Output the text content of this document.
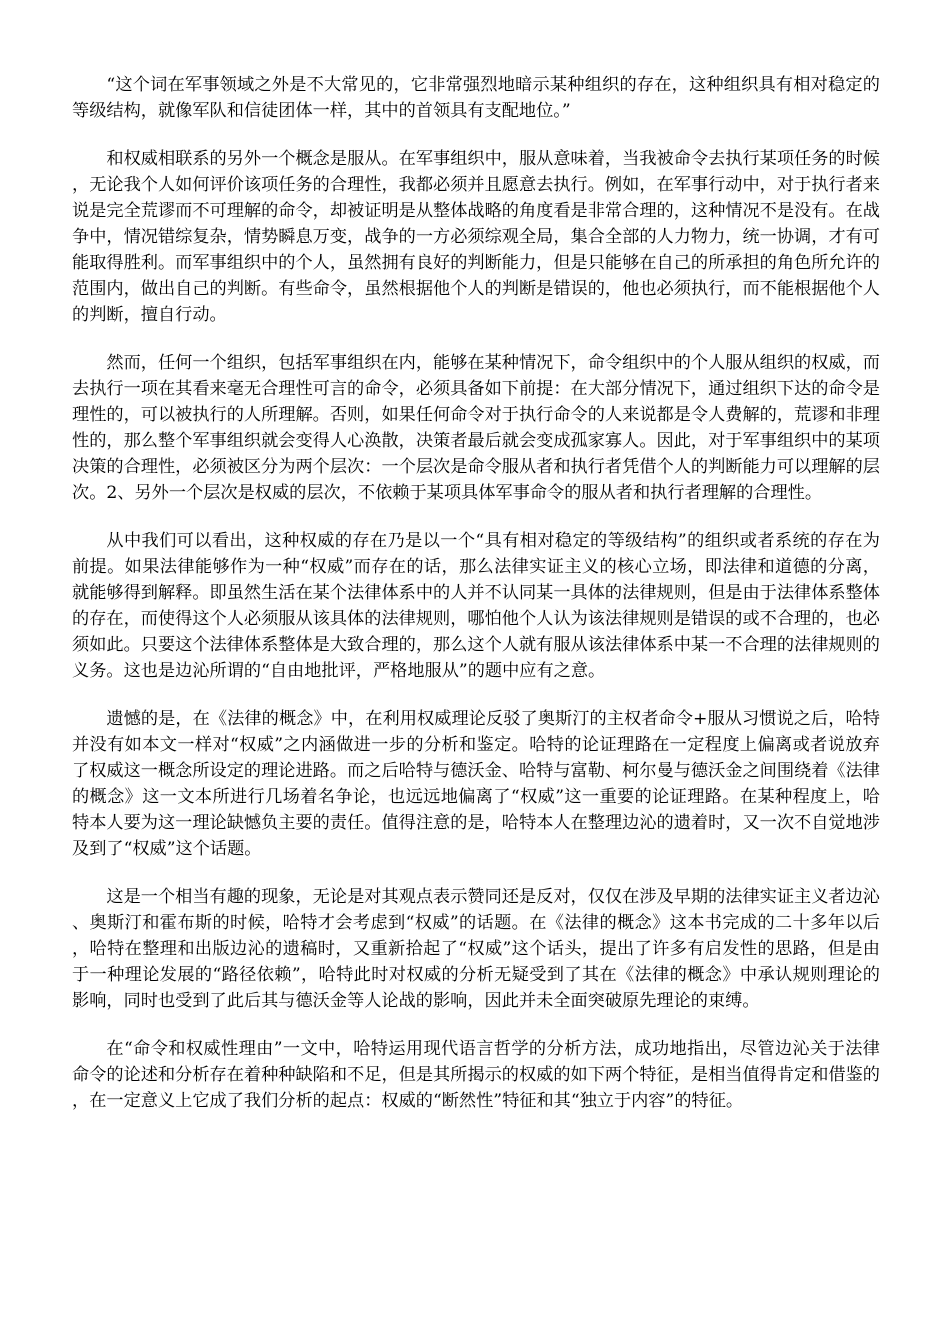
“这个词在军事领域之外是不大常见的，它非常强烈地暗示某种组织的存在，这种组织具有相对稳定的等级结构，就像军队和信徒团体一样，其中的首领具有支配地位。”

和权威相联系的另外一个概念是服从。在军事组织中，服从意味着，当我被命令去执行某项任务的时候，无论我个人如何评价该项任务的合理性，我都必须并且愿意去执行。例如，在军事行动中，对于执行者来说是完全荒谬而不可理解的命令，却被证明是从整体战略的角度看是非常合理的，这种情况不是没有。在战争中，情况错综复杂，情势瞬息万变，战争的一方必须综观全局，集合全部的人力物力，统一协调，才有可能取得胜利。而军事组织中的个人，虽然拥有良好的判断能力，但是只能够在自己的所承担的角色所允许的范围内，做出自己的判断。有些命令，虽然根据他个人的判断是错误的，他也必须执行，而不能根据他个人的判断，擅自行动。

然而，任何一个组织，包括军事组织在内，能够在某种情况下，命令组织中的个人服从组织的权威，而去执行一项在其看来毫无合理性可言的命令，必须具备如下前提：在大部分情况下，通过组织下达的命令是理性的，可以被执行的人所理解。否则，如果任何命令对于执行命令的人来说都是令人费解的，荒谬和非理性的，那么整个军事组织就会变得人心涣散，决策者最后就会变成孤家寡人。因此，对于军事组织中的某项决策的合理性，必须被区分为两个层次：一个层次是命令服从者和执行者凭借个人的判断能力可以理解的层次。2、另外一个层次是权威的层次，不依赖于某项具体军事命令的服从者和执行者理解的合理性。

从中我们可以看出，这种权威的存在乃是以一个“具有相对稳定的等级结构”的组织或者系统的存在为前提。如果法律能够作为一种“权威”而存在的话，那么法律实证主义的核心立场，即法律和道德的分离，就能够得到解释。即虽然生活在某个法律体系中的人并不认同某一具体的法律规则，但是由于法律体系整体的存在，而使得这个人必须服从该具体的法律规则，哪怕他个人认为该法律规则是错误的或不合理的，也必须如此。只要这个法律体系整体是大致合理的，那么这个人就有服从该法律体系中某一不合理的法律规则的义务。这也是边沁所谓的“自由地批评，严格地服从”的题中应有之意。

遗憾的是，在《法律的概念》中，在利用权威理论反驳了奥斯汀的主权者命令+服从习惯说之后，哈特并没有如本文一样对“权威”之内涵做进一步的分析和鉴定。哈特的论证理路在一定程度上偏离或者说放弃了权威这一概念所设定的理论进路。而之后哈特与德沃金、哈特与富勒、柯尔曼与德沃金之间围绕着《法律的概念》这一文本所进行几场着名争论，也远远地偏离了“权威”这一重要的论证理路。在某种程度上，哈特本人要为这一理论缺憾负主要的责任。值得注意的是，哈特本人在整理边沁的遗着时，又一次不自觉地涉及到了“权威”这个话题。

这是一个相当有趣的现象，无论是对其观点表示赞同还是反对，仅仅在涉及早期的法律实证主义者边沁、奥斯汀和霍布斯的时候，哈特才会考虑到“权威”的话题。在《法律的概念》这本书完成的二十多年以后，哈特在整理和出版边沁的遗稿时，又重新拾起了“权威”这个话头，提出了许多有启发性的思路，但是由于一种理论发展的“路径依赖”，哈特此时对权威的分析无疑受到了其在《法律的概念》中承认规则理论的影响，同时也受到了此后其与德沃金等人论战的影响，因此并未全面突破原先理论的束缚。

在“命令和权威性理由”一文中，哈特运用现代语言哲学的分析方法，成功地指出，尽管边沁关于法律命令的论述和分析存在着种种缺陷和不足，但是其所揭示的权威的如下两个特征，是相当值得肯定和借鉴的，在一定意义上它成了我们分析的起点：权威的“断然性”特征和其“独立于内容”的特征。
